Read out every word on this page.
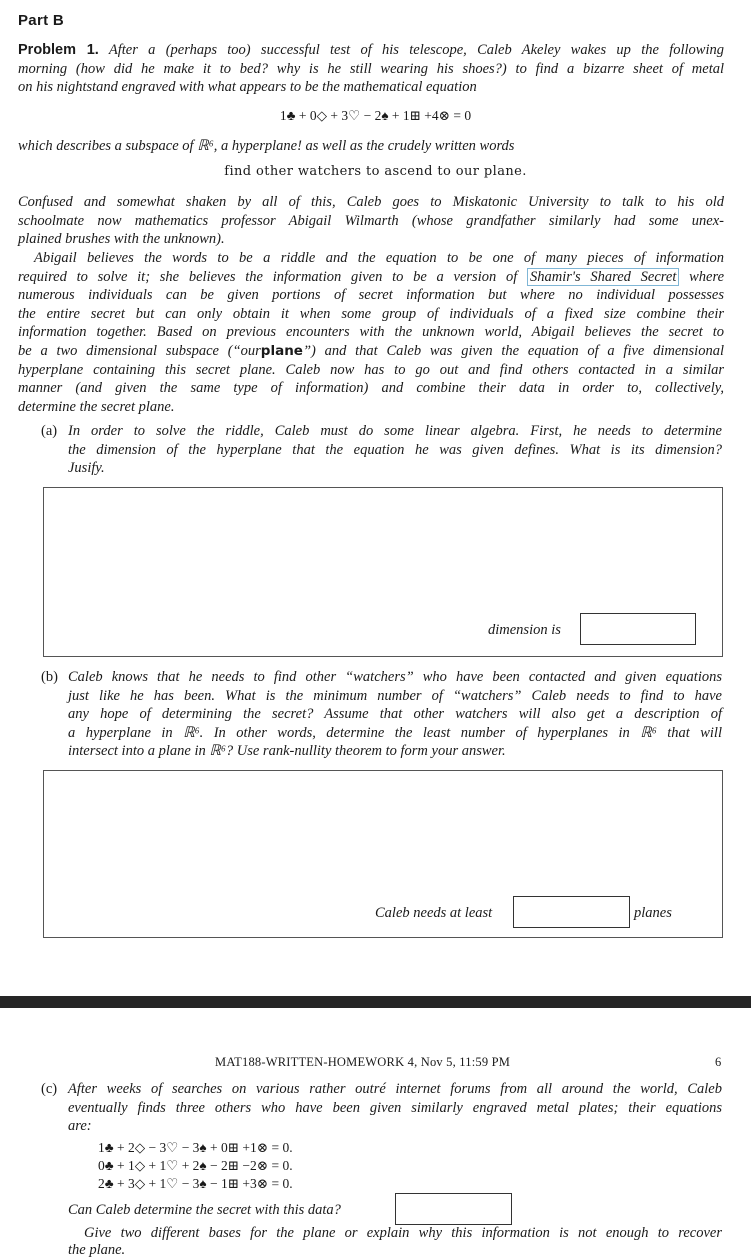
Part B
Problem 1. After a (perhaps too) successful test of his telescope, Caleb Akeley wakes up the following
morning (how did he make it to bed? why is he still wearing his shoes?) to find a bizarre sheet of metal
on his nightstand engraved with what appears to be the mathematical equation
1♣ + 0◇ + 3♡ − 2♠ + 1⊞ +4⊗ = 0
which describes a subspace of ℝ⁶, a hyperplane! as well as the crudely written words
find other watchers to ascend to our plane.
Confused and somewhat shaken by all of this, Caleb goes to Miskatonic University to talk to his old
schoolmate now mathematics professor Abigail Wilmarth (whose grandfather similarly had some unex-
plained brushes with the unknown).
Abigail believes the words to be a riddle and the equation to be one of many pieces of information
required to solve it; she believes the information given to be a version of Shamir's Shared Secret where
numerous individuals can be given portions of secret information but where no individual possesses
the entire secret but can only obtain it when some group of individuals of a fixed size combine their
information together. Based on previous encounters with the unknown world, Abigail believes the secret to
be a two dimensional subspace (“ourplane”) and that Caleb was given the equation of a five dimensional
hyperplane containing this secret plane. Caleb now has to go out and find others contacted in a similar
manner (and given the same type of information) and combine their data in order to, collectively,
determine the secret plane.
(a) In order to solve the riddle, Caleb must do some linear algebra. First, he needs to determine
the dimension of the hyperplane that the equation he was given defines. What is its dimension?
Jusify.
dimension is
(b) Caleb knows that he needs to find other “watchers” who have been contacted and given equations
just like he has been. What is the minimum number of “watchers” Caleb needs to find to have
any hope of determining the secret? Assume that other watchers will also get a description of
a hyperplane in ℝ⁶. In other words, determine the least number of hyperplanes in ℝ⁶ that will
intersect into a plane in ℝ⁶? Use rank-nullity theorem to form your answer.
Caleb needs at least	planes
MAT188-WRITTEN-HOMEWORK 4, Nov 5, 11:59 PM	6
(c) After weeks of searches on various rather outré internet forums from all around the world, Caleb
eventually finds three others who have been given similarly engraved metal plates; their equations
are:
1♣ + 2◇ − 3♡ − 3♠ + 0⊞ +1⊗ = 0.
0♣ + 1◇ + 1♡ + 2♠ − 2⊞ −2⊗ = 0.
2♣ + 3◇ + 1♡ − 3♠ − 1⊞ +3⊗ = 0.
Can Caleb determine the secret with this data?
Give two different bases for the plane or explain why this information is not enough to recover
the plane.
